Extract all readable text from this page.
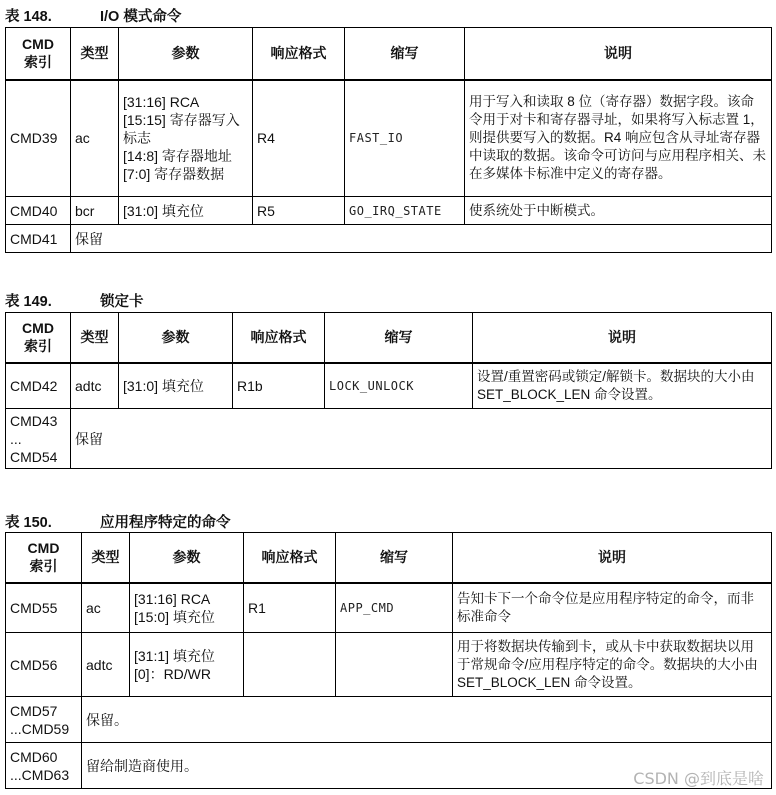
表 148.	I/O 模式命令
CMD
索引	类型	参数	响应格式	缩写	说明
CMD39	ac	[31:16] RCA
[15:15] 寄存器写入标志
[14:8] 寄存器地址
[7:0] 寄存器数据	R4	FAST_IO	用于写入和读取 8 位（寄存器）数据字段。该命令用于对卡和寄存器寻址，如果将写入标志置 1，则提供要写入的数据。R4 响应包含从寻址寄存器中读取的数据。该命令可访问与应用程序相关、未在多媒体卡标准中定义的寄存器。
CMD40	bcr	[31:0] 填充位	R5	GO_IRQ_STATE	使系统处于中断模式。
CMD41	保留				
表 149.	锁定卡
CMD
索引	类型	参数	响应格式	缩写	说明
CMD42	adtc	[31:0] 填充位	R1b	LOCK_UNLOCK	设置/重置密码或锁定/解锁卡。数据块的大小由 SET_BLOCK_LEN 命令设置。
CMD43
...
CMD54	保留				
表 150.	应用程序特定的命令
CMD
索引	类型	参数	响应格式	缩写	说明
CMD55	ac	[31:16] RCA
[15:0] 填充位	R1	APP_CMD	告知卡下一个命令位是应用程序特定的命令，而非标准命令
CMD56	adtc	[31:1] 填充位
[0]：RD/WR			用于将数据块传输到卡，或从卡中获取数据块以用于常规命令/应用程序特定的命令。数据块的大小由 SET_BLOCK_LEN 命令设置。
CMD57
...CMD59	保留。				
CMD60
...CMD63	留给制造商使用。				
CSDN @到底是啥
